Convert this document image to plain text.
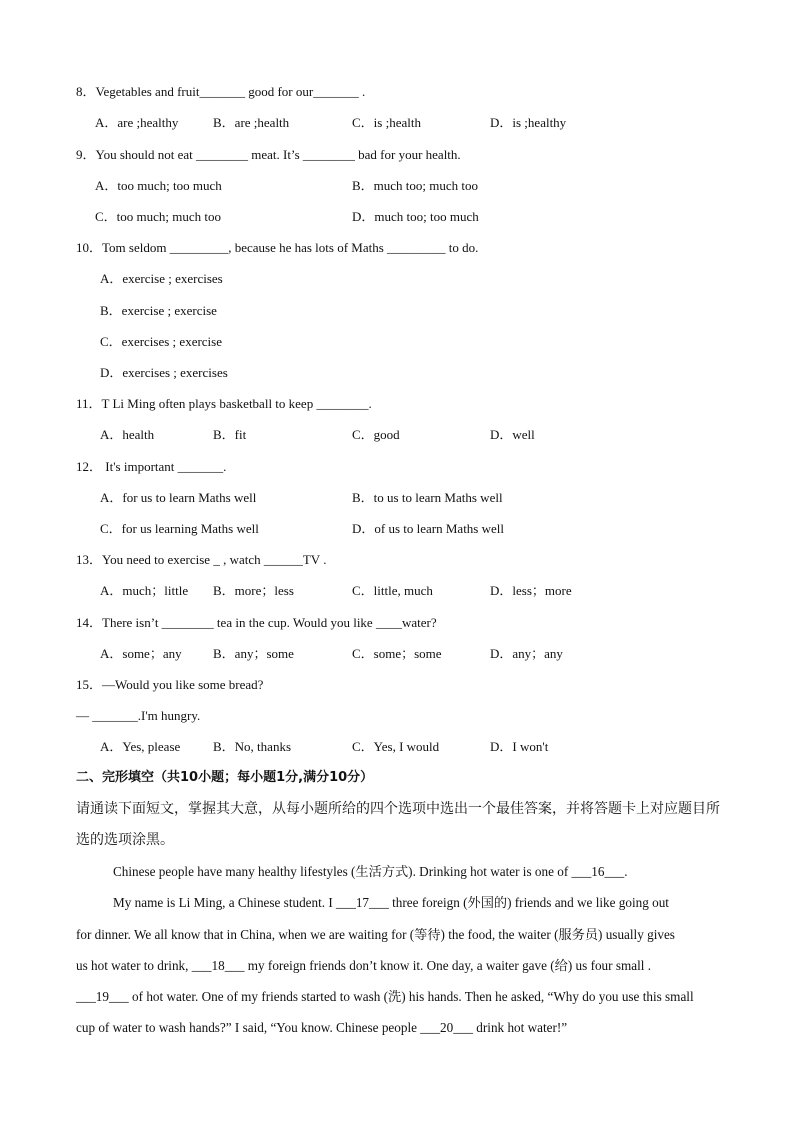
8．Vegetables and fruit_______ good for our_______ .
A．are ;healthy	B．are ;health	C．is ;health	D．is ;healthy
9．You should not eat ________ meat. It’s ________ bad for your health.
A．too much; too much	B．much too; much too
C．too much; much too	D．much too; too much
10．Tom seldom _________, because he has lots of Maths _________ to do.
A．exercise ; exercises
B．exercise ; exercise
C．exercises ; exercise
D．exercises ; exercises
11．T Li Ming often plays basketball to keep ________.
A．health	B．fit	C．good	D．well
12． It's important _______.
A．for us to learn Maths well	B．to us to learn Maths well
C．for us learning Maths well	D．of us to learn Maths well
13．You need to exercise _ , watch ______TV .
A．much；little B．more；less	C．little, much	D．less；more
14．There isn’t ________ tea in the cup. Would you like ____water?
A．some；any B．any；some	C．some；some	D．any；any
15．—Would you like some bread?
— _______.I'm hungry.
A．Yes, please	B．No, thanks	C．Yes, I would	D．I won't
二、完形填空（共10小题；每小题1分,满分10分）
请通读下面短文，掌握其大意，从每小题所给的四个选项中选出一个最佳答案，并将答题卡上对应题目所
选的选项涂黑。
Chinese people have many healthy lifestyles (生活方式). Drinking hot water is one of ___16___.
My name is Li Ming, a Chinese student. I ___17___ three foreign (外国的) friends and we like going out
for dinner. We all know that in China, when we are waiting for (等待) the food, the waiter (服务员) usually gives
us hot water to drink, ___18___ my foreign friends don’t know it. One day, a waiter gave (给) us four small .
___19___ of hot water. One of my friends started to wash (洗) his hands. Then he asked, “Why do you use this small
cup of water to wash hands?” I said, “You know. Chinese people ___20___ drink hot water!”
